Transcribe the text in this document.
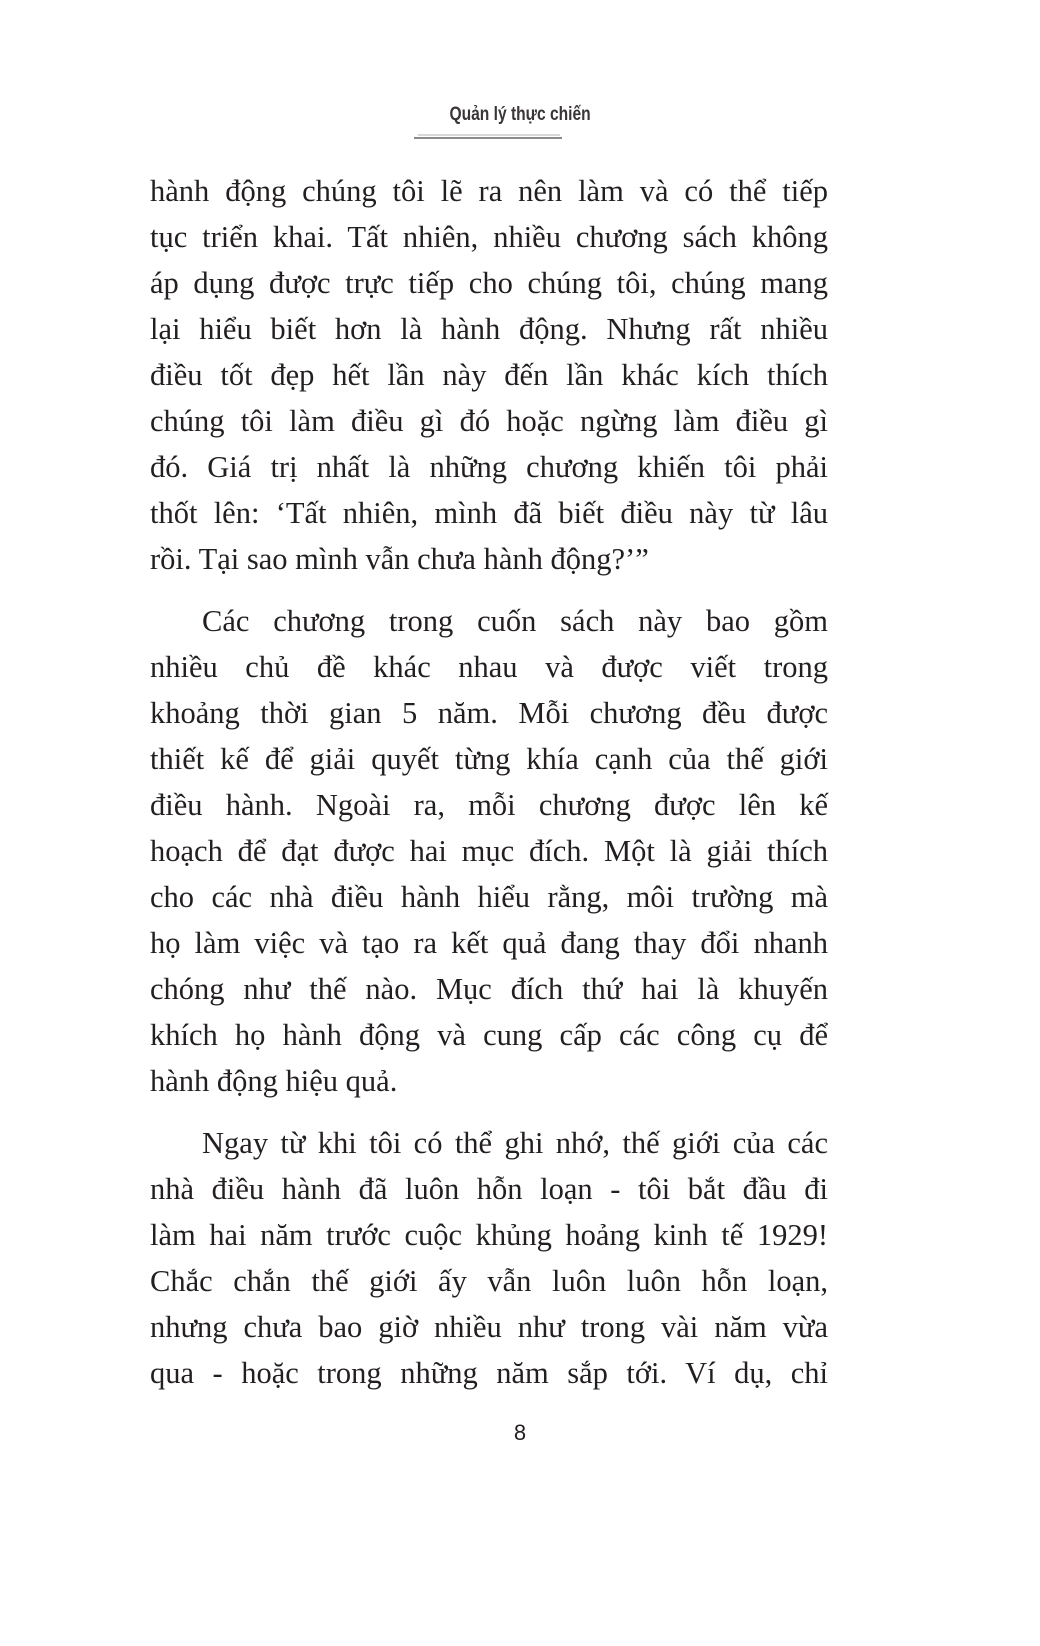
Quản lý thực chiến

hành động chúng tôi lẽ ra nên làm và có thể tiếp
tục triển khai. Tất nhiên, nhiều chương sách không
áp dụng được trực tiếp cho chúng tôi, chúng mang
lại hiểu biết hơn là hành động. Nhưng rất nhiều
điều tốt đẹp hết lần này đến lần khác kích thích
chúng tôi làm điều gì đó hoặc ngừng làm điều gì
đó. Giá trị nhất là những chương khiến tôi phải
thốt lên: ‘Tất nhiên, mình đã biết điều này từ lâu
rồi. Tại sao mình vẫn chưa hành động?’”

Các chương trong cuốn sách này bao gồm
nhiều chủ đề khác nhau và được viết trong
khoảng thời gian 5 năm. Mỗi chương đều được
thiết kế để giải quyết từng khía cạnh của thế giới
điều hành. Ngoài ra, mỗi chương được lên kế
hoạch để đạt được hai mục đích. Một là giải thích
cho các nhà điều hành hiểu rằng, môi trường mà
họ làm việc và tạo ra kết quả đang thay đổi nhanh
chóng như thế nào. Mục đích thứ hai là khuyến
khích họ hành động và cung cấp các công cụ để
hành động hiệu quả.

Ngay từ khi tôi có thể ghi nhớ, thế giới của các
nhà điều hành đã luôn hỗn loạn - tôi bắt đầu đi
làm hai năm trước cuộc khủng hoảng kinh tế 1929!
Chắc chắn thế giới ấy vẫn luôn luôn hỗn loạn,
nhưng chưa bao giờ nhiều như trong vài năm vừa
qua - hoặc trong những năm sắp tới. Ví dụ, chỉ

8
